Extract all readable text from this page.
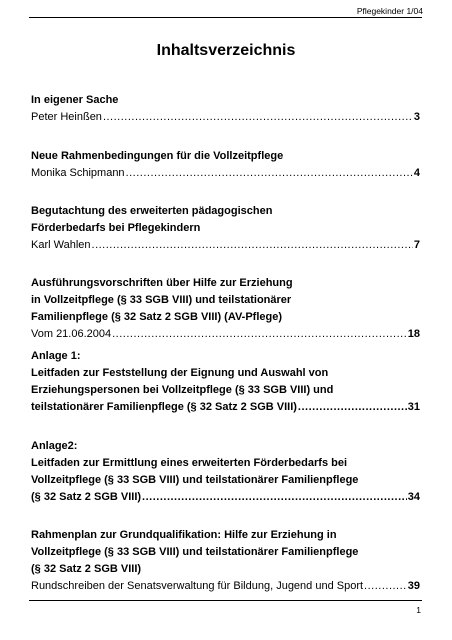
Pflegekinder 1/04
Inhaltsverzeichnis
In eigener Sache
Peter Heinßen .....	3
Neue Rahmenbedingungen für die Vollzeitpflege
Monika Schipmann .....	4
Begutachtung des erweiterten pädagogischen
Förderbedarfs bei Pflegekindern
Karl Wahlen .....	7
Ausführungsvorschriften über Hilfe zur Erziehung
in Vollzeitpflege (§ 33 SGB VIII) und teilstationärer
Familienpflege (§ 32 Satz 2 SGB VIII) (AV-Pflege)
Vom 21.06.2004 .....	18
Anlage 1:
Leitfaden zur Feststellung der Eignung und Auswahl von
Erziehungspersonen bei Vollzeitpflege (§ 33 SGB VIII) und
teilstationärer Familienpflege (§ 32 Satz 2 SGB VIII) .....	31
Anlage2:
Leitfaden zur Ermittlung eines erweiterten Förderbedarfs bei
Vollzeitpflege (§ 33 SGB VIII) und teilstationärer Familienpflege
(§ 32 Satz 2 SGB VIII) .....	34
Rahmenplan zur Grundqualifikation: Hilfe zur Erziehung in
Vollzeitpflege (§ 33 SGB VIII) und teilstationärer Familienpflege
(§ 32 Satz 2 SGB VIII)
Rundschreiben der Senatsverwaltung für Bildung, Jugend und Sport .....	39
1
